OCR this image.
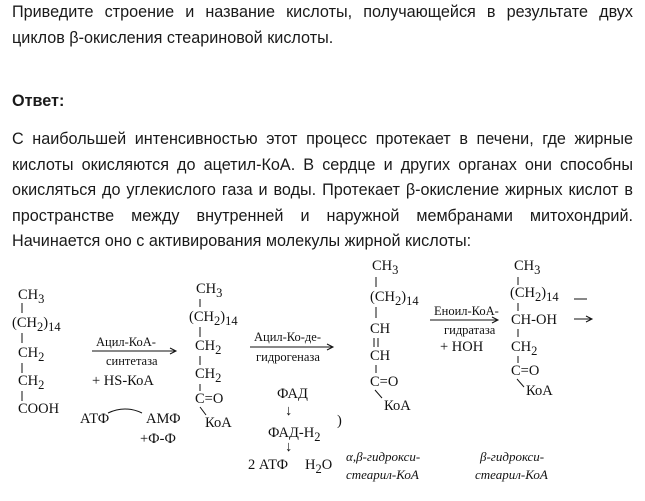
Приведите строение и название кислоты, получающейся в результате двух циклов β-окисления стеариновой кислоты.

Ответ:

С наибольшей интенсивностью этот процесс протекает в печени, где жирные кислоты окисляются до ацетил-КоА. В сердце и других органах они способны окисляться до углекислого газа и воды. Протекает β-окисление жирных кислот в пространстве между внутренней и наружной мембранами митохондрий. Начинается оно с активирования молекулы жирной кислоты:

CH3
(CH2)14
CH2
CH2
COOH
Ацил-КоА-
синтетаза
+ HS-КоА
АТФ	АМФ
+Ф-Ф
CH3
(CH2)14
CH2
CH2
C=O
КоА
Ацил-Ко-де-
гидрогеназа
ФАД
↓
ФАД-H2
↓
2 АТФ H2O
)
CH3
(CH2)14
CH
CH
C=O
КоА
Еноил-КоА-
гидратаза
+ НОН
CH3
(CH2)14
CH-OH
CH2
C=O
КоА
α,β-гидрокси-
стеарил-КоА
β-гидрокси-
стеарил-КоА
